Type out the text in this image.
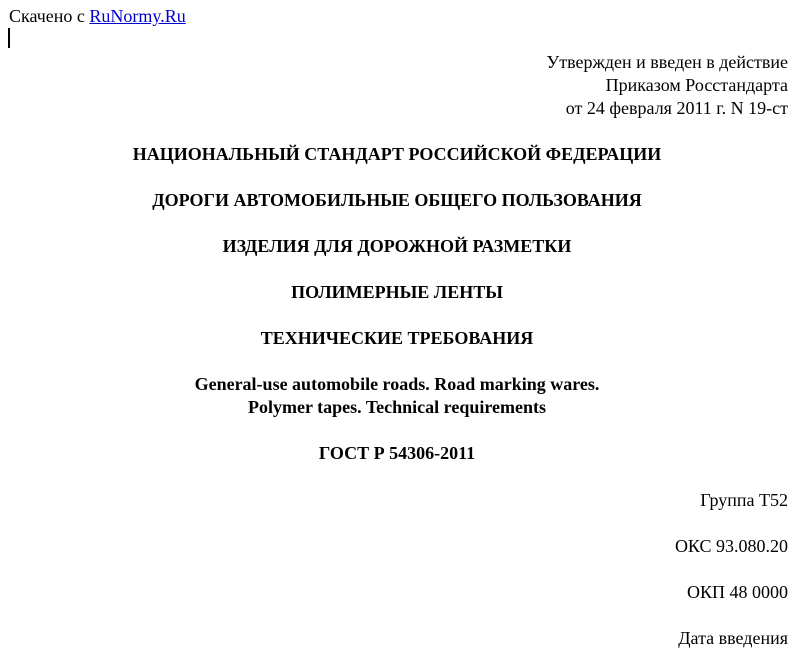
Скачено с RuNormy.Ru
Утвержден и введен в действие
Приказом Росстандарта
от 24 февраля 2011 г. N 19-ст
НАЦИОНАЛЬНЫЙ СТАНДАРТ РОССИЙСКОЙ ФЕДЕРАЦИИ
ДОРОГИ АВТОМОБИЛЬНЫЕ ОБЩЕГО ПОЛЬЗОВАНИЯ
ИЗДЕЛИЯ ДЛЯ ДОРОЖНОЙ РАЗМЕТКИ
ПОЛИМЕРНЫЕ ЛЕНТЫ
ТЕХНИЧЕСКИЕ ТРЕБОВАНИЯ
General-use automobile roads. Road marking wares.
Polymer tapes. Technical requirements
ГОСТ Р 54306-2011
Группа Т52
ОКС 93.080.20
ОКП 48 0000
Дата введения
